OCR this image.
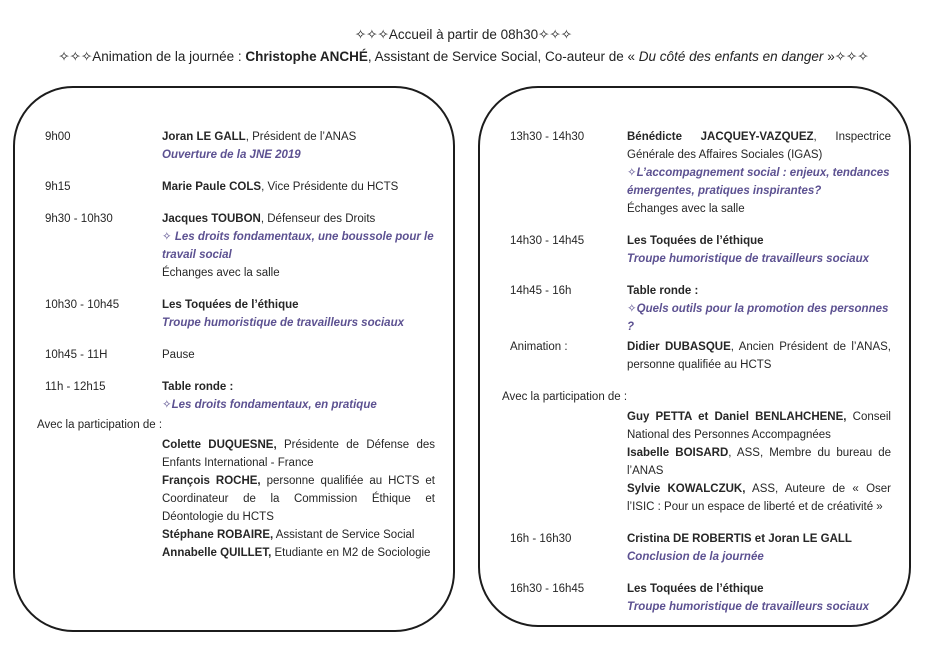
✧✧✧Accueil à partir de 08h30✧✧✧
✧✧✧Animation de la journée : Christophe ANCHÉ, Assistant de Service Social, Co-auteur de « Du côté des enfants en danger »✧✧✧
9h00	Joran LE GALL, Président de l’ANAS
Ouverture de la JNE 2019
9h15	Marie Paule COLS, Vice Présidente du HCTS
9h30 - 10h30	Jacques TOUBON, Défenseur des Droits
✧ Les droits fondamentaux, une boussole pour le travail social
Échanges avec la salle
10h30 - 10h45	Les Toquées de l’éthique
Troupe humoristique de travailleurs sociaux
10h45 - 11H	Pause
11h - 12h15	Table ronde :
✧Les droits fondamentaux, en pratique
Avec la participation de :
Colette DUQUESNE, Présidente de Défense des Enfants International - France
François ROCHE, personne qualifiée au HCTS et Coordinateur de la Commission Éthique et Déontologie du HCTS
Stéphane ROBAIRE, Assistant de Service Social
Annabelle QUILLET, Etudiante en M2 de Sociologie
13h30 - 14h30	Bénédicte JACQUEY-VAZQUEZ, Inspectrice Générale des Affaires Sociales (IGAS)
✧L’accompagnement social : enjeux, tendances émergentes, pratiques inspirantes?
Échanges avec la salle
14h30 - 14h45	Les Toquées de l’éthique
Troupe humoristique de travailleurs sociaux
14h45 - 16h	Table ronde :
✧Quels outils pour la promotion des personnes ?
Animation :	Didier DUBASQUE, Ancien Président de l’ANAS, personne qualifiée au HCTS
Avec la participation de :
Guy PETTA et Daniel BENLAHCHENE, Conseil National des Personnes Accompagnées
Isabelle BOISARD, ASS, Membre du bureau de l’ANAS
Sylvie KOWALCZUK, ASS, Auteure de « Oser l’ISIC : Pour un espace de liberté et de créativité »
16h - 16h30	Cristina DE ROBERTIS et Joran LE GALL
Conclusion de la journée
16h30 - 16h45	Les Toquées de l’éthique
Troupe humoristique de travailleurs sociaux
